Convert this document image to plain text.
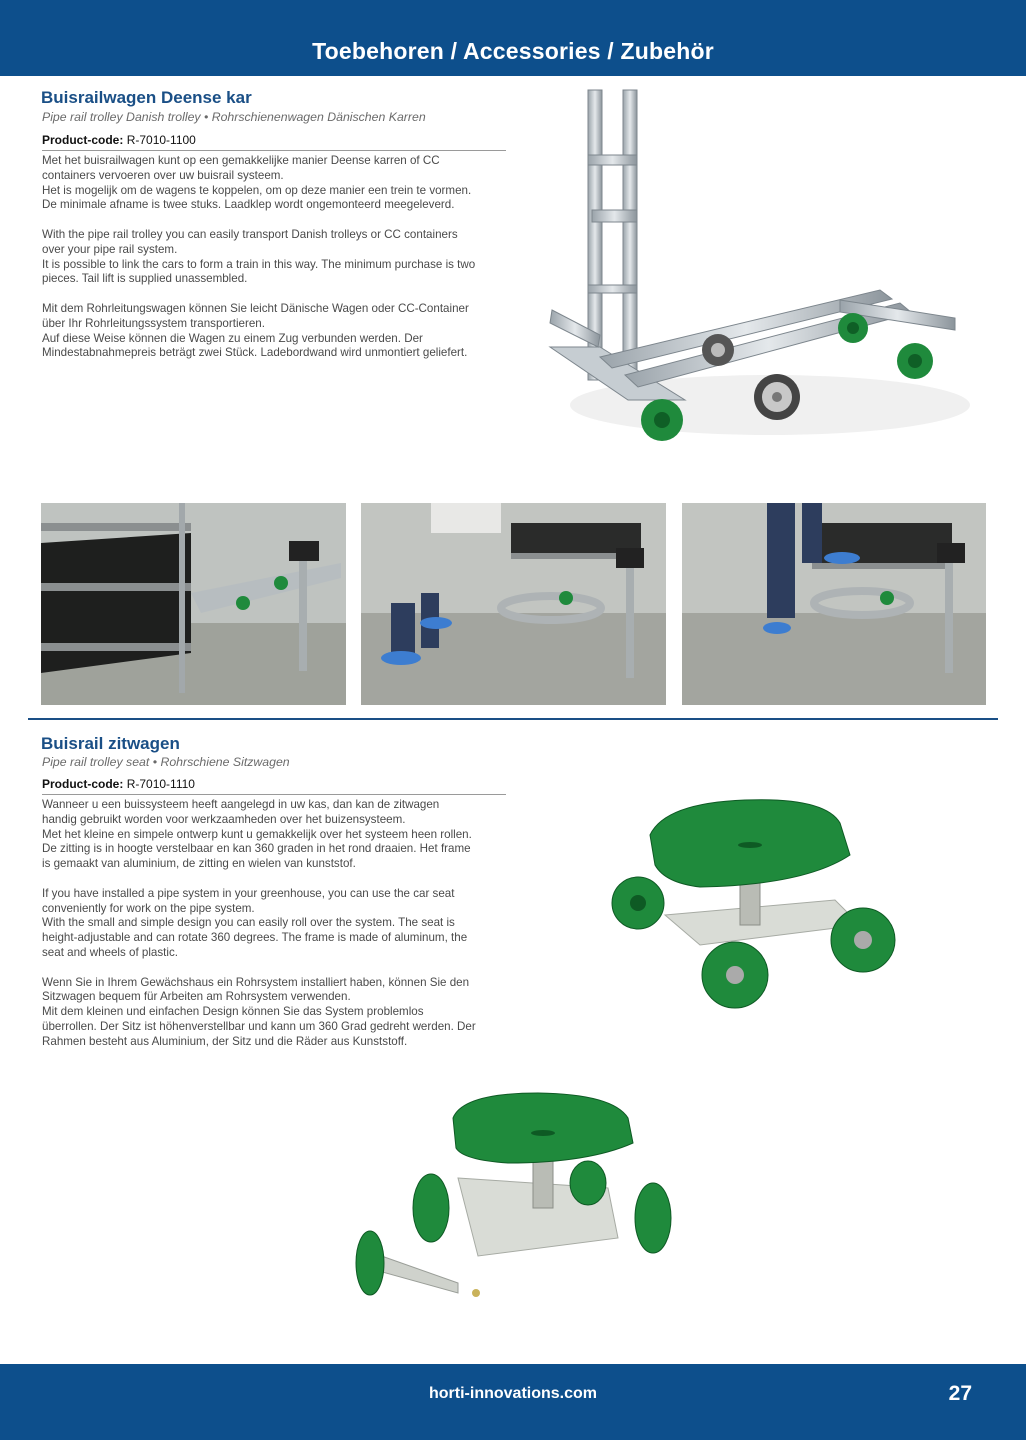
Toebehoren / Accessories / Zubehör
Buisrailwagen Deense kar
Pipe rail trolley Danish trolley • Rohrschienenwagen Dänischen Karren
Product-code: R-7010-1100

Met het buisrailwagen kunt op een gemakkelijke manier Deense karren of CC
containers vervoeren over uw buisrail systeem.
Het is mogelijk om de wagens te koppelen, om op deze manier een trein te vormen.
De minimale afname is twee stuks. Laadklep wordt ongemonteerd meegeleverd.

With the pipe rail trolley you can easily transport Danish trolleys or CC containers
over your pipe rail system.
It is possible to link the cars to form a train in this way. The minimum purchase is two
pieces. Tail lift is supplied unassembled.

Mit dem Rohrleitungswagen können Sie leicht Dänische Wagen oder CC-Container
über Ihr Rohrleitungssystem transportieren.
Auf diese Weise können die Wagen zu einem Zug verbunden werden. Der
Mindestabnahmepreis beträgt zwei Stück. Ladebordwand wird unmontiert geliefert.

Buisrail zitwagen
Pipe rail trolley seat • Rohrschiene Sitzwagen
Product-code: R-7010-1110

Wanneer u een buissysteem heeft aangelegd in uw kas, dan kan de zitwagen
handig gebruikt worden voor werkzaamheden over het buizensysteem.
Met het kleine en simpele ontwerp kunt u gemakkelijk over het systeem heen rollen.
De zitting is in hoogte verstelbaar en kan 360 graden in het rond draaien. Het frame
is gemaakt van aluminium, de zitting en wielen van kunststof.

If you have installed a pipe system in your greenhouse, you can use the car seat
conveniently for work on the pipe system.
With the small and simple design you can easily roll over the system. The seat is
height-adjustable and can rotate 360 degrees. The frame is made of aluminum, the
seat and wheels of plastic.

Wenn Sie in Ihrem Gewächshaus ein Rohrsystem installiert haben, können Sie den
Sitzwagen bequem für Arbeiten am Rohrsystem verwenden.
Mit dem kleinen und einfachen Design können Sie das System problemlos
überrollen. Der Sitz ist höhenverstellbar und kann um 360 Grad gedreht werden. Der
Rahmen besteht aus Aluminium, der Sitz und die Räder aus Kunststoff.

horti-innovations.com	27
